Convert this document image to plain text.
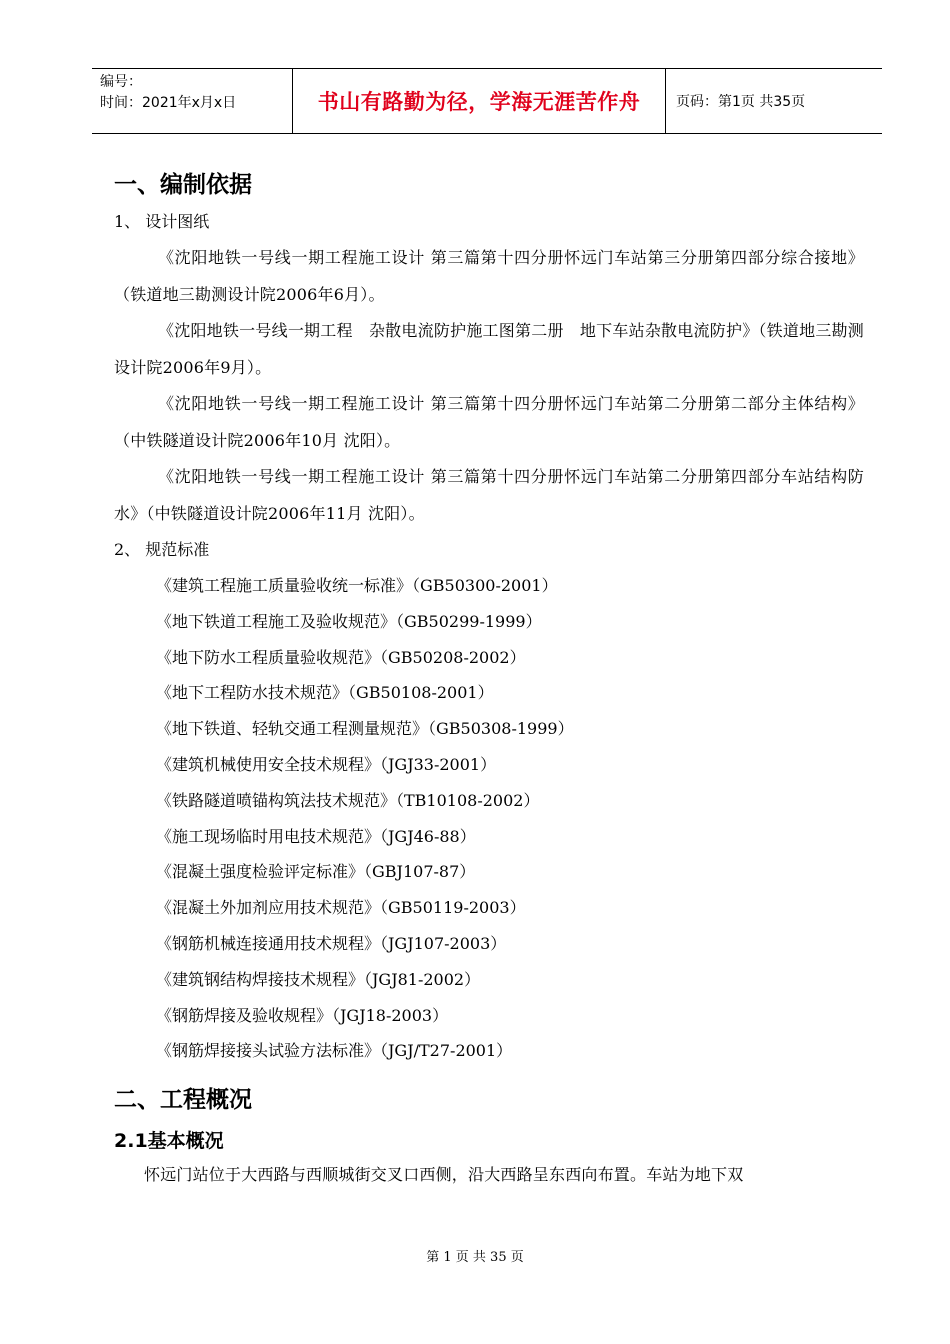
编号：
时间：2021年x月x日	书山有路勤为径，学海无涯苦作舟	页码：第1页 共35页
一、编制依据

1、 设计图纸

《沈阳地铁一号线一期工程施工设计 第三篇第十四分册怀远门车站第三分册第四部分综合接地》（铁道地三勘测设计院2006年6月）。

《沈阳地铁一号线一期工程　杂散电流防护施工图第二册　地下车站杂散电流防护》（铁道地三勘测设计院2006年9月）。

《沈阳地铁一号线一期工程施工设计 第三篇第十四分册怀远门车站第二分册第二部分主体结构》（中铁隧道设计院2006年10月 沈阳）。

《沈阳地铁一号线一期工程施工设计 第三篇第十四分册怀远门车站第二分册第四部分车站结构防水》（中铁隧道设计院2006年11月 沈阳）。

2、 规范标准

《建筑工程施工质量验收统一标准》（GB50300-2001）

《地下铁道工程施工及验收规范》（GB50299-1999）

《地下防水工程质量验收规范》（GB50208-2002）

《地下工程防水技术规范》（GB50108-2001）

《地下铁道、轻轨交通工程测量规范》（GB50308-1999）

《建筑机械使用安全技术规程》（JGJ33-2001）

《铁路隧道喷锚构筑法技术规范》（TB10108-2002）

《施工现场临时用电技术规范》（JGJ46-88）

《混凝土强度检验评定标准》（GBJ107-87）

《混凝土外加剂应用技术规范》（GB50119-2003）

《钢筋机械连接通用技术规程》（JGJ107-2003）

《建筑钢结构焊接技术规程》（JGJ81-2002）

《钢筋焊接及验收规程》（JGJ18-2003）

《钢筋焊接接头试验方法标准》（JGJ/T27-2001）

二、工程概况
2.1基本概况

怀远门站位于大西路与西顺城街交叉口西侧，沿大西路呈东西向布置。车站为地下双

第 1 页 共 35 页
